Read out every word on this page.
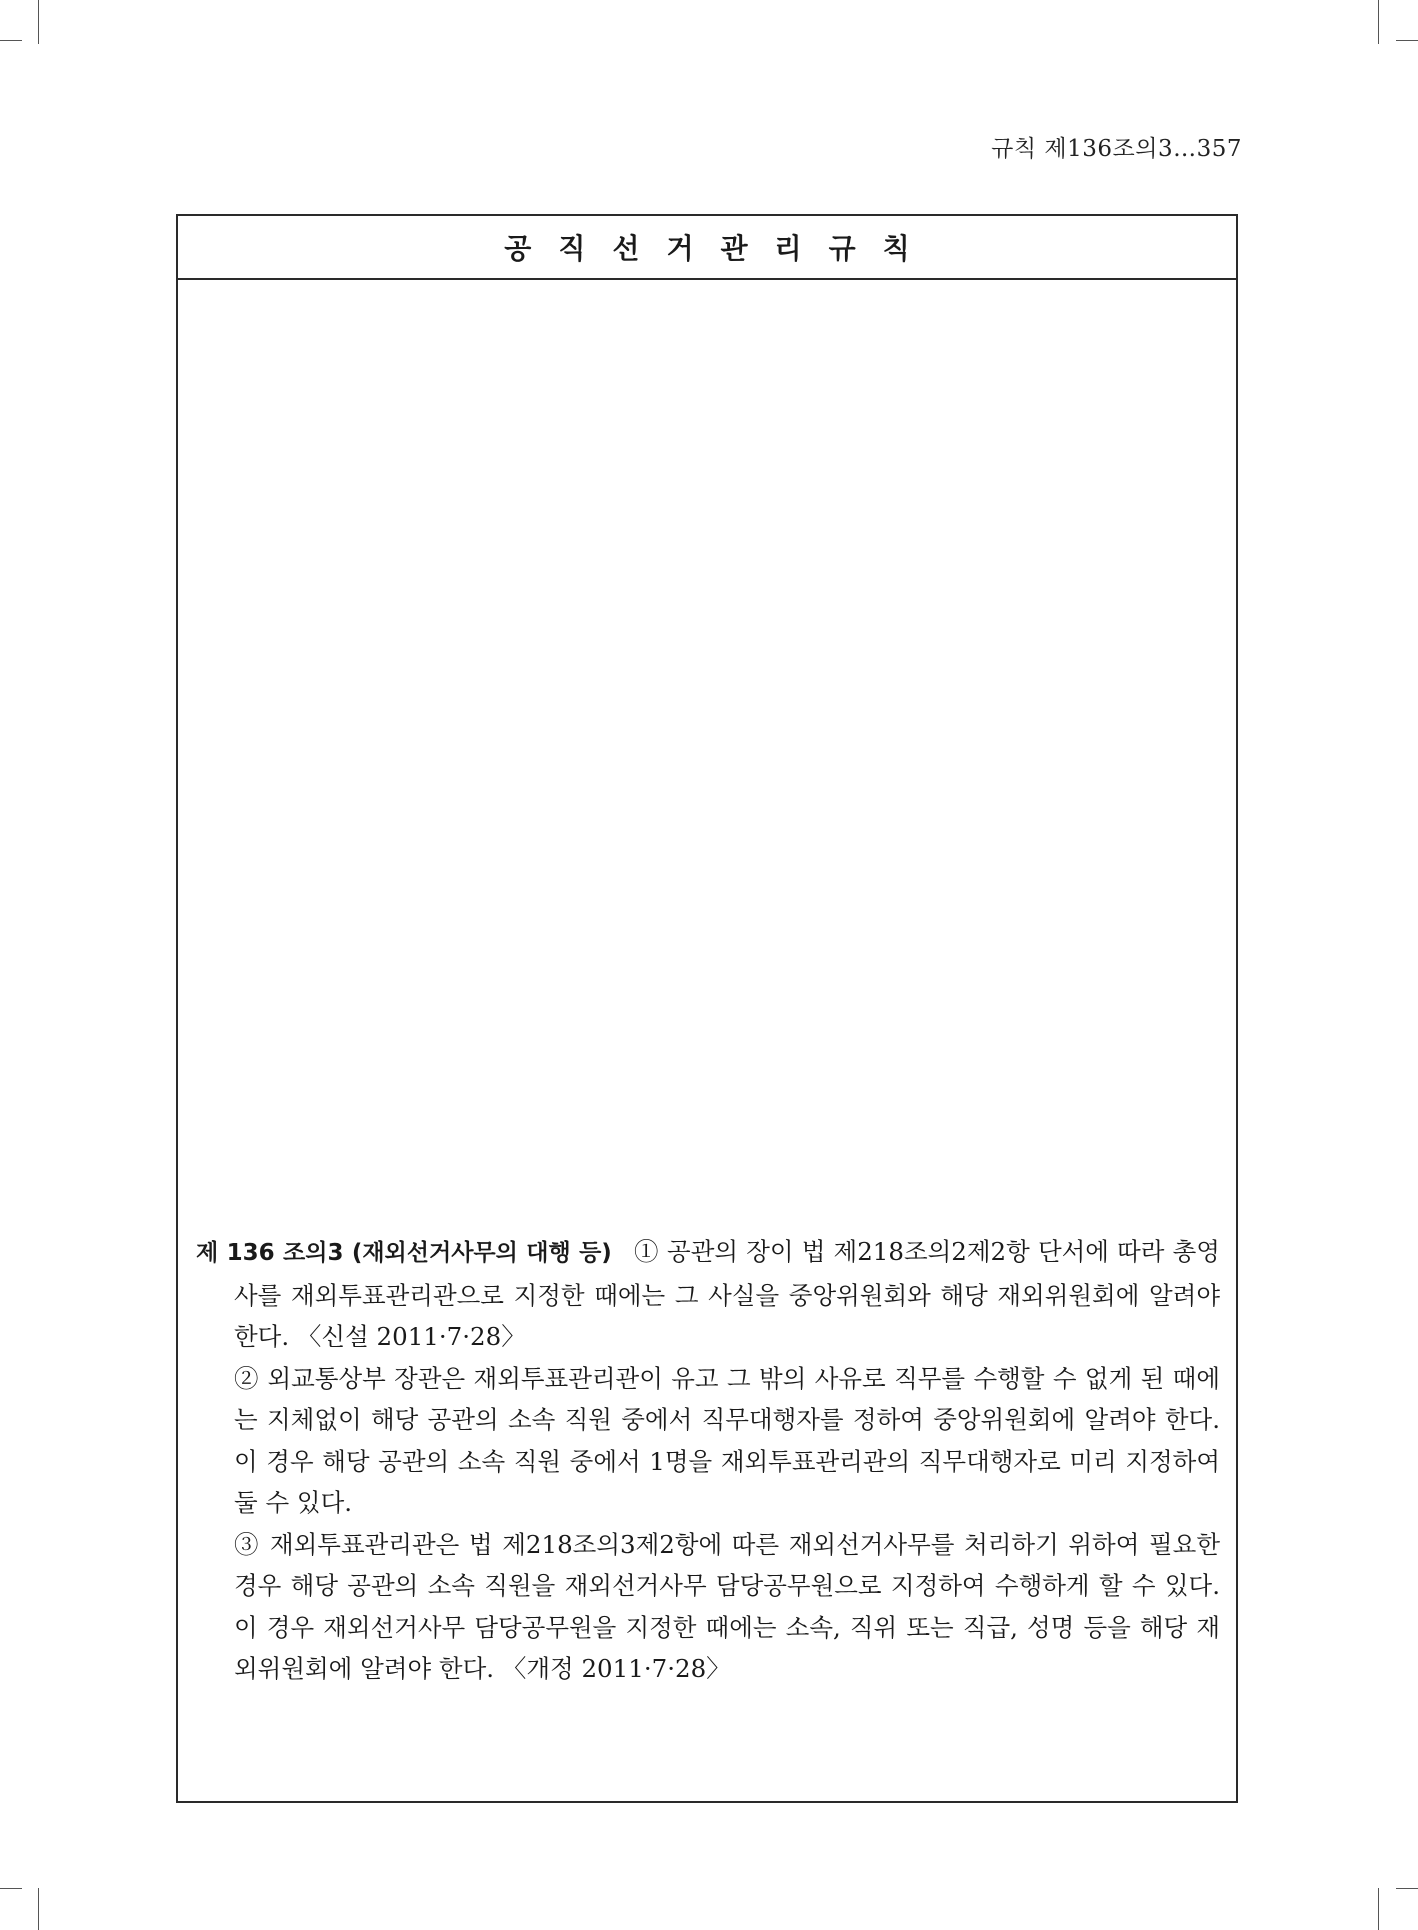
규칙 제136조의3…357
공직선거관리규칙
제 136 조의3 (재외선거사무의 대행 등) ① 공관의 장이 법 제218조의2제2항 단서에 따라 총영사를 재외투표관리관으로 지정한 때에는 그 사실을 중앙위원회와 해당 재외위원회에 알려야 한다. 〈신설 2011·7·28〉
② 외교통상부 장관은 재외투표관리관이 유고 그 밖의 사유로 직무를 수행할 수 없게 된 때에는 지체없이 해당 공관의 소속 직원 중에서 직무대행자를 정하여 중앙위원회에 알려야 한다. 이 경우 해당 공관의 소속 직원 중에서 1명을 재외투표관리관의 직무대행자로 미리 지정하여 둘 수 있다.
③ 재외투표관리관은 법 제218조의3제2항에 따른 재외선거사무를 처리하기 위하여 필요한 경우 해당 공관의 소속 직원을 재외선거사무 담당공무원으로 지정하여 수행하게 할 수 있다. 이 경우 재외선거사무 담당공무원을 지정한 때에는 소속, 직위 또는 직급, 성명 등을 해당 재외위원회에 알려야 한다. 〈개정 2011·7·28〉
